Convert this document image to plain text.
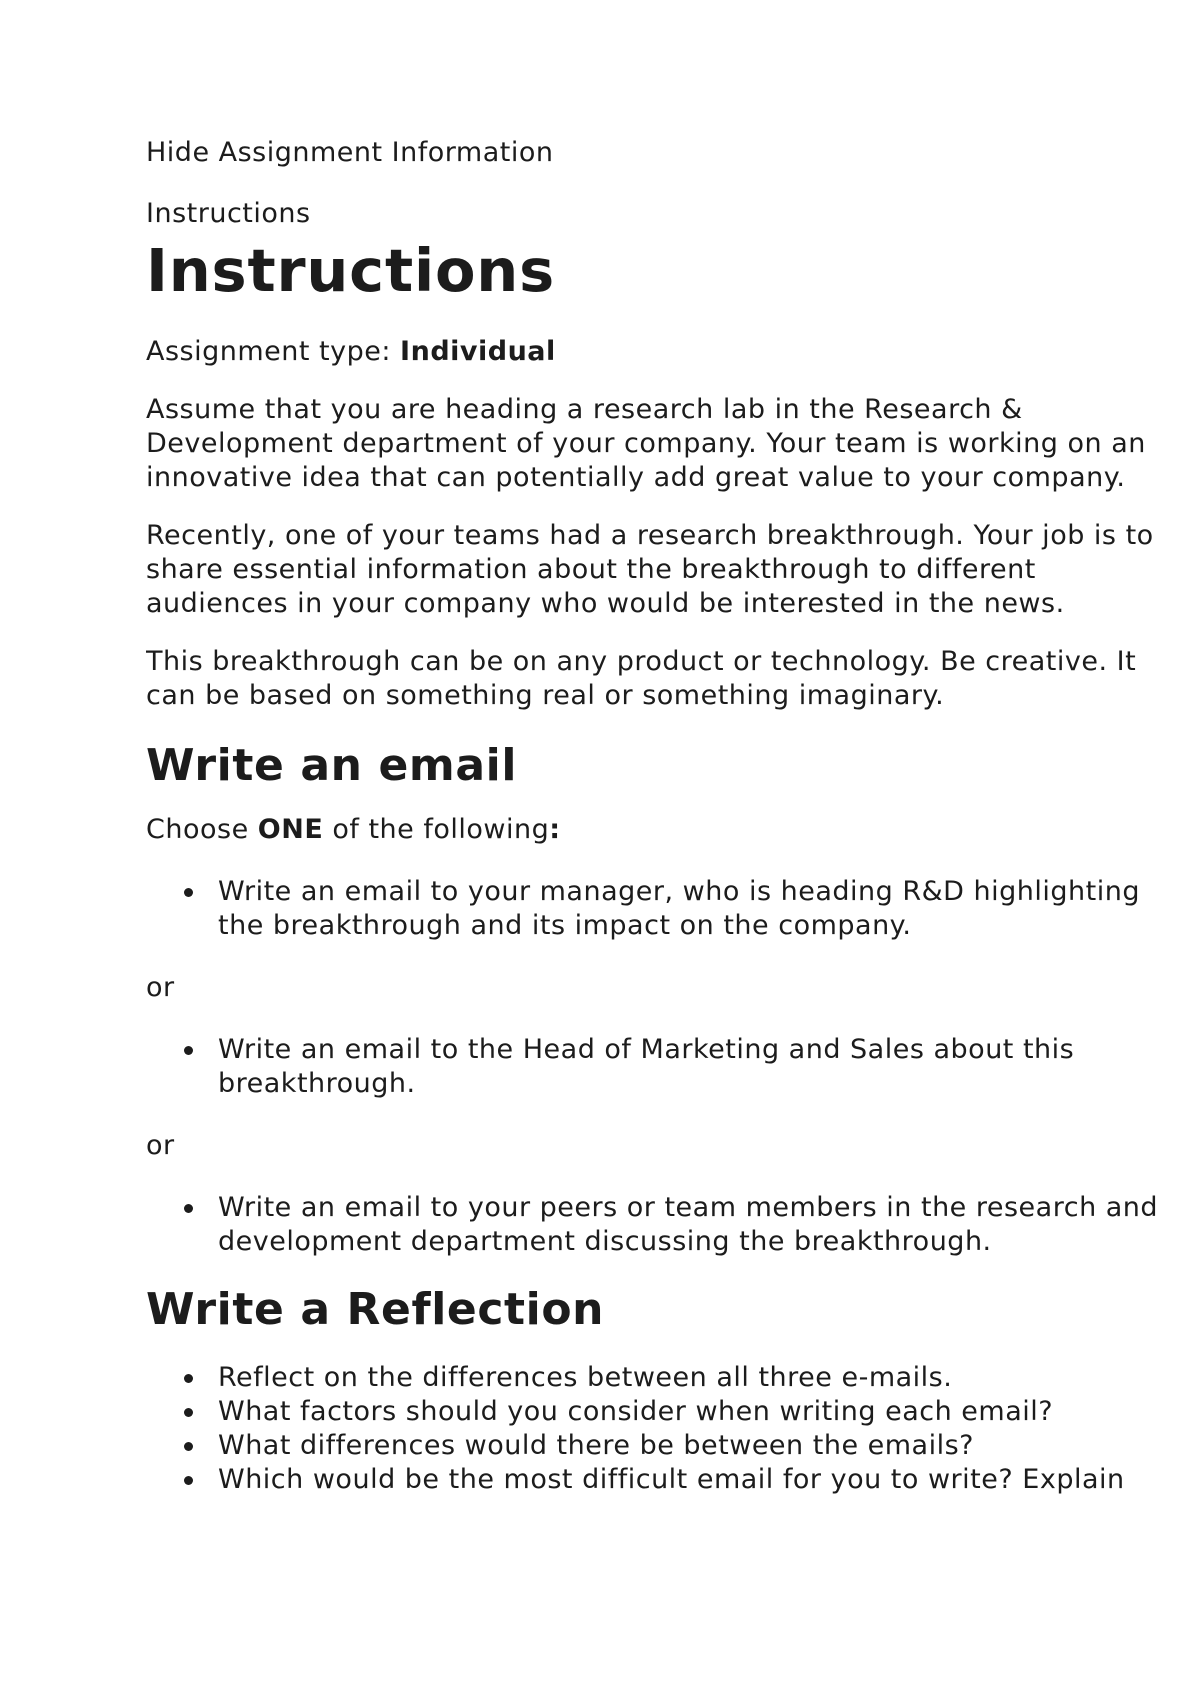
Hide Assignment Information
Instructions
Instructions

Assignment type: Individual

Assume that you are heading a research lab in the Research &
Development department of your company. Your team is working on an
innovative idea that can potentially add great value to your company.

Recently, one of your teams had a research breakthrough. Your job is to
share essential information about the breakthrough to different
audiences in your company who would be interested in the news.

This breakthrough can be on any product or technology. Be creative. It
can be based on something real or something imaginary.

Write an email

Choose ONE of the following:

Write an email to your manager, who is heading R&D highlighting
the breakthrough and its impact on the company.

or

Write an email to the Head of Marketing and Sales about this
breakthrough.

or

Write an email to your peers or team members in the research and
development department discussing the breakthrough.
Write a Reflection
Reflect on the differences between all three e-mails.
What factors should you consider when writing each email?
What differences would there be between the emails?
Which would be the most difficult email for you to write? Explain
